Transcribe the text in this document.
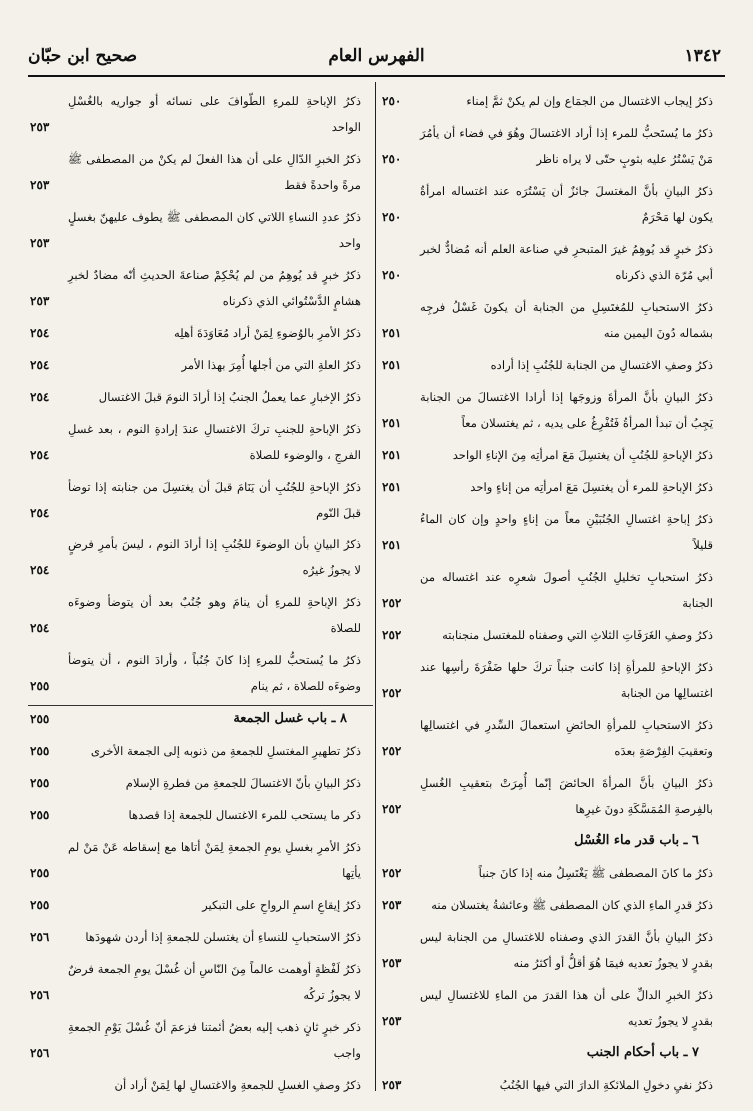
١٣٤٢
الفهرس العام
صحيح ابن حبّان
ذكرُ إيجاب الاغتسال من الجمَاع وإن لم يكنْ ثمَّ إمناء
٢٥٠
ذكرُ ما يُستَحبُّ للمرء إذا أراد الاغتسالَ وهُوَ في فضاء أن يأمُرَ مَنْ يَسْتُرُ عليه بثوبٍ حتّى لا يراه ناظر
٢٥٠
ذكرُ البيانِ بأنَّ المغتسلَ جائزٌ أن يَسْتُرَه عند اغتساله امرأةٌ يكون لها مَحْرَمٌ
٢٥٠
ذكرُ خبرٍ قد يُوهِمُ غيرَ المتبحرِ في صناعة العلم أنه مُضادٌّ لخبر أبي مُرّة الذي ذكرناه
٢٥٠
ذكرُ الاستحبابِ للمُغتَسِلِ من الجنابة أن يكونَ غَسْلُ فرجِه بشماله دُونَ اليمين منه
٢٥١
ذكرُ وصفِ الاغتسالِ من الجنابة للجُنُبِ إذا أراده
٢٥١
ذكرُ البيانِ بأنَّ المرأةَ وزوجَها إذا أرادا الاغتسالَ من الجنابة يَجِبُ أن تبدأ المرأةُ فَتُفْرِغُ على يديه ، ثم يغتسلان معاً
٢٥١
ذكرُ الإباحةِ للجُنُبِ أن يغتسِلَ مَعَ امرأتِه مِنَ الإناءِ الواحد
٢٥١
ذكرُ الإباحةِ للمرء أن يغتسِلَ مَعَ امرأتِه من إناءٍ واحد
٢٥١
ذكرُ إباحةِ اغتسالِ الجُنُبَيْنِ معاً من إناءٍ واحدٍ وإن كان الماءُ قليلاً
٢٥١
ذكرُ استحبابِ تخليلِ الجُنُبِ أصولَ شعرِه عند اغتساله من الجنابة
٢٥٢
ذكرُ وصفِ الغَرَفَاتِ الثلاثِ التي وصفناه للمغتسل منجنابته
٢٥٢
ذكرُ الإباحةِ للمرأةِ إذا كانت جنباً تركَ حلها ضَفْرَةَ رأسِها عند اغتسالِها من الجنابة
٢٥٢
ذكرُ الاستحبابِ للمرأةِ الحائضِ استعمالَ السِّدرِ في اغتسالِها وتعقيبَ الفِرْصَةِ بعدَه
٢٥٢
ذكرُ البيانِ بأنَّ المرأةَ الحائضَ إنّما أُمِرَتْ بتعقيبِ الغُسلِ بالفِرصةِ المُمَسَّكَةِ دونَ غيرِها
٢٥٢
٦ ـ باب قدر ماء الغُسْل
ذكرُ ما كانَ المصطفى ﷺ يَغْتَسِلُ منه إذا كانَ جنباً
٢٥٢
ذكرُ قدرِ الماءِ الذي كان المصطفى ﷺ وعائشةُ يغتسلان منه
٢٥٣
ذكرُ البيانِ بأنَّ القدرَ الذي وصفناه للاغتسالِ من الجنابة ليس بقدرٍ لا يجوزُ تعديه فيمَا هُوَ أقلُّ أو أكثرُ منه
٢٥٣
ذكرُ الخبرِ الدالِّ على أن هذا القدرَ من الماءِ للاغتسالِ ليس بقدرٍ لا يجوزُ تعديه
٢٥٣
٧ ـ باب أحكام الجنب
ذكرُ نفيِ دخولِ الملائكةِ الدارَ التي فيها الجُنُبُ
٢٥٣
ذكرُ الإباحةِ للمرءِ الطّوافَ على نسائه أو جواريه بالغُسْلِ الواحد
٢٥٣
ذكرُ الخبرِ الدّالِ على أن هذا الفعلَ لم يكنْ من المصطفى ﷺ مرةً واحدةً فقط
٢٥٣
ذكرُ عددِ النساءِ اللاتي كان المصطفى ﷺ يطوف عليهنّ بغسلٍ واحد
٢٥٣
ذكرُ خبرٍ قد يُوهِمُ من لم يُحْكِمْ صناعةَ الحديثِ أنّه مضادٌ لخبرِ هشامٍ الدَّسْتُوائي الذي ذكرناه
٢٥٣
ذكرُ الأمرِ بالوُضوءِ لِمَنْ أراد مُعَاوَدَةَ أهلِه
٢٥٤
ذكرُ العلةِ التي من أجلها أُمِرَ بهذا الأمر
٢٥٤
ذكرُ الإخبارِ عما يعملُ الجنبُ إذا أرادَ النومَ قبلَ الاغتسال
٢٥٤
ذكرُ الإباحةِ للجنبِ تركَ الاغتسالِ عندَ إرادةِ النوم ، بعد غسلِ الفرجِ ، والوضوء للصلاة
٢٥٤
ذكرُ الإباحةِ للجُنُبِ أن يَنَامَ قبلَ أن يغتسِلَ من جنابته إذا توضأ قبلَ النّوم
٢٥٤
ذكرُ البيانِ بأن الوضوءَ للجُنُبِ إذا أرادَ النوم ، ليسَ بأمرِ فرضٍ لا يجوزُ غيرُه
٢٥٤
ذكرُ الإباحةِ للمرءِ أن ينامَ وهو جُنُبٌ بعد أن يتوضأ وضوءَه للصلاة
٢٥٤
ذكرُ ما يُستحبُّ للمرءِ إذا كانَ جُنُباً ، وأرادَ النوم ، أن يتوضأ وضوءَه للصلاة ، ثم ينام
٢٥٥
٨ ـ باب غسل الجمعة
٢٥٥
ذكرُ تطهيرِ المغتسلِ للجمعةِ من ذنوبه إلى الجمعة الأخرى
٢٥٥
ذكرُ البيانِ بأنّ الاغتسالَ للجمعةِ من فطرةِ الإسلام
٢٥٥
ذكر ما يستحب للمرء الاغتسال للجمعة إذا قصدها
٢٥٥
ذكرُ الأمرِ بغسلِ يومِ الجمعةِ لِمَنْ أتاها مع إسقاطه عَنْ مَنْ لم يأتِها
٢٥٥
ذكرُ إيقاعِ اسمِ الرواحِ على التبكير
٢٥٥
ذكرُ الاستحبابِ للنساءِ أن يغتسلن للجمعةِ إذا أردن شهودَها
٢٥٦
ذكرُ لَفْظةٍ أوهمت عالماً مِنَ النّاسِ أن غُسْلَ يومِ الجمعة فرضٌ لا يجوزُ تركُه
٢٥٦
ذكر خبرٍ ثانٍ ذهب إليه بعضُ أئمتنا فزعمَ أنّ غُسْلَ يَوْمِ الجمعةِ واجب
٢٥٦
ذكرُ وصفِ الغسلِ للجمعةِ والاغتسالِ لها لِمَنْ أراد أن
